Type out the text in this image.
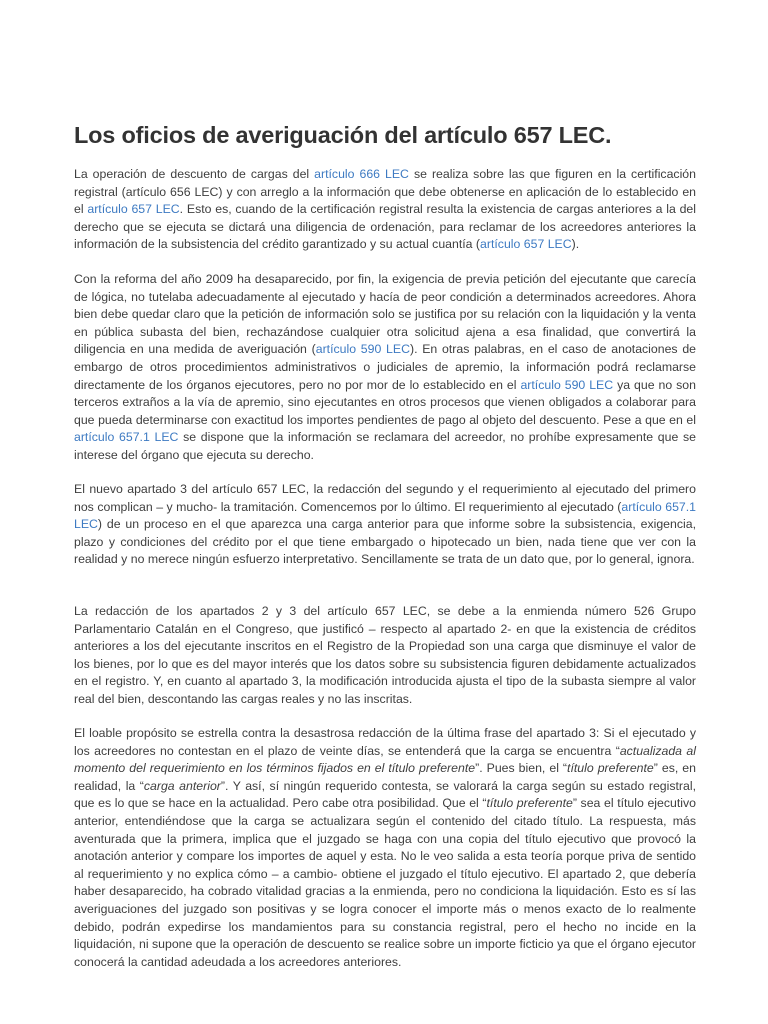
Los oficios de averiguación del artículo 657 LEC.

La operación de descuento de cargas del artículo 666 LEC se realiza sobre las que figuren en la certificación registral (artículo 656 LEC) y con arreglo a la información que debe obtenerse en aplicación de lo establecido en el artículo 657 LEC. Esto es, cuando de la certificación registral resulta la existencia de cargas anteriores a la del derecho que se ejecuta se dictará una diligencia de ordenación, para reclamar de los acreedores anteriores la información de la subsistencia del crédito garantizado y su actual cuantía (artículo 657 LEC).

Con la reforma del año 2009 ha desaparecido, por fin, la exigencia de previa petición del ejecutante que carecía de lógica, no tutelaba adecuadamente al ejecutado y hacía de peor condición a determinados acreedores. Ahora bien debe quedar claro que la petición de información solo se justifica por su relación con la liquidación y la venta en pública subasta del bien, rechazándose cualquier otra solicitud ajena a esa finalidad, que convertirá la diligencia en una medida de averiguación (artículo 590 LEC). En otras palabras, en el caso de anotaciones de embargo de otros procedimientos administrativos o judiciales de apremio, la información podrá reclamarse directamente de los órganos ejecutores, pero no por mor de lo establecido en el artículo 590 LEC ya que no son terceros extraños a la vía de apremio, sino ejecutantes en otros procesos que vienen obligados a colaborar para que pueda determinarse con exactitud los importes pendientes de pago al objeto del descuento. Pese a que en el artículo 657.1 LEC se dispone que la información se reclamara del acreedor, no prohíbe expresamente que se interese del órgano que ejecuta su derecho.

El nuevo apartado 3 del artículo 657 LEC, la redacción del segundo y el requerimiento al ejecutado del primero nos complican – y mucho- la tramitación. Comencemos por lo último. El requerimiento al ejecutado (artículo 657.1 LEC) de un proceso en el que aparezca una carga anterior para que informe sobre la subsistencia, exigencia, plazo y condiciones del crédito por el que tiene embargado o hipotecado un bien, nada tiene que ver con la realidad y no merece ningún esfuerzo interpretativo. Sencillamente se trata de un dato que, por lo general, ignora.

La redacción de los apartados 2 y 3 del artículo 657 LEC, se debe a la enmienda número 526 Grupo Parlamentario Catalán en el Congreso, que justificó – respecto al apartado 2- en que la existencia de créditos anteriores a los del ejecutante inscritos en el Registro de la Propiedad son una carga que disminuye el valor de los bienes, por lo que es del mayor interés que los datos sobre su subsistencia figuren debidamente actualizados en el registro. Y, en cuanto al apartado 3, la modificación introducida ajusta el tipo de la subasta siempre al valor real del bien, descontando las cargas reales y no las inscritas.

El loable propósito se estrella contra la desastrosa redacción de la última frase del apartado 3: Si el ejecutado y los acreedores no contestan en el plazo de veinte días, se entenderá que la carga se encuentra “actualizada al momento del requerimiento en los términos fijados en el título preferente”. Pues bien, el “título preferente” es, en realidad, la “carga anterior”. Y así, sí ningún requerido contesta, se valorará la carga según su estado registral, que es lo que se hace en la actualidad. Pero cabe otra posibilidad. Que el “título preferente” sea el título ejecutivo anterior, entendiéndose que la carga se actualizara según el contenido del citado título. La respuesta, más aventurada que la primera, implica que el juzgado se haga con una copia del título ejecutivo que provocó la anotación anterior y compare los importes de aquel y esta. No le veo salida a esta teoría porque priva de sentido al requerimiento y no explica cómo – a cambio- obtiene el juzgado el título ejecutivo. El apartado 2, que debería haber desaparecido, ha cobrado vitalidad gracias a la enmienda, pero no condiciona la liquidación. Esto es sí las averiguaciones del juzgado son positivas y se logra conocer el importe más o menos exacto de lo realmente debido, podrán expedirse los mandamientos para su constancia registral, pero el hecho no incide en la liquidación, ni supone que la operación de descuento se realice sobre un importe ficticio ya que el órgano ejecutor conocerá la cantidad adeudada a los acreedores anteriores.
